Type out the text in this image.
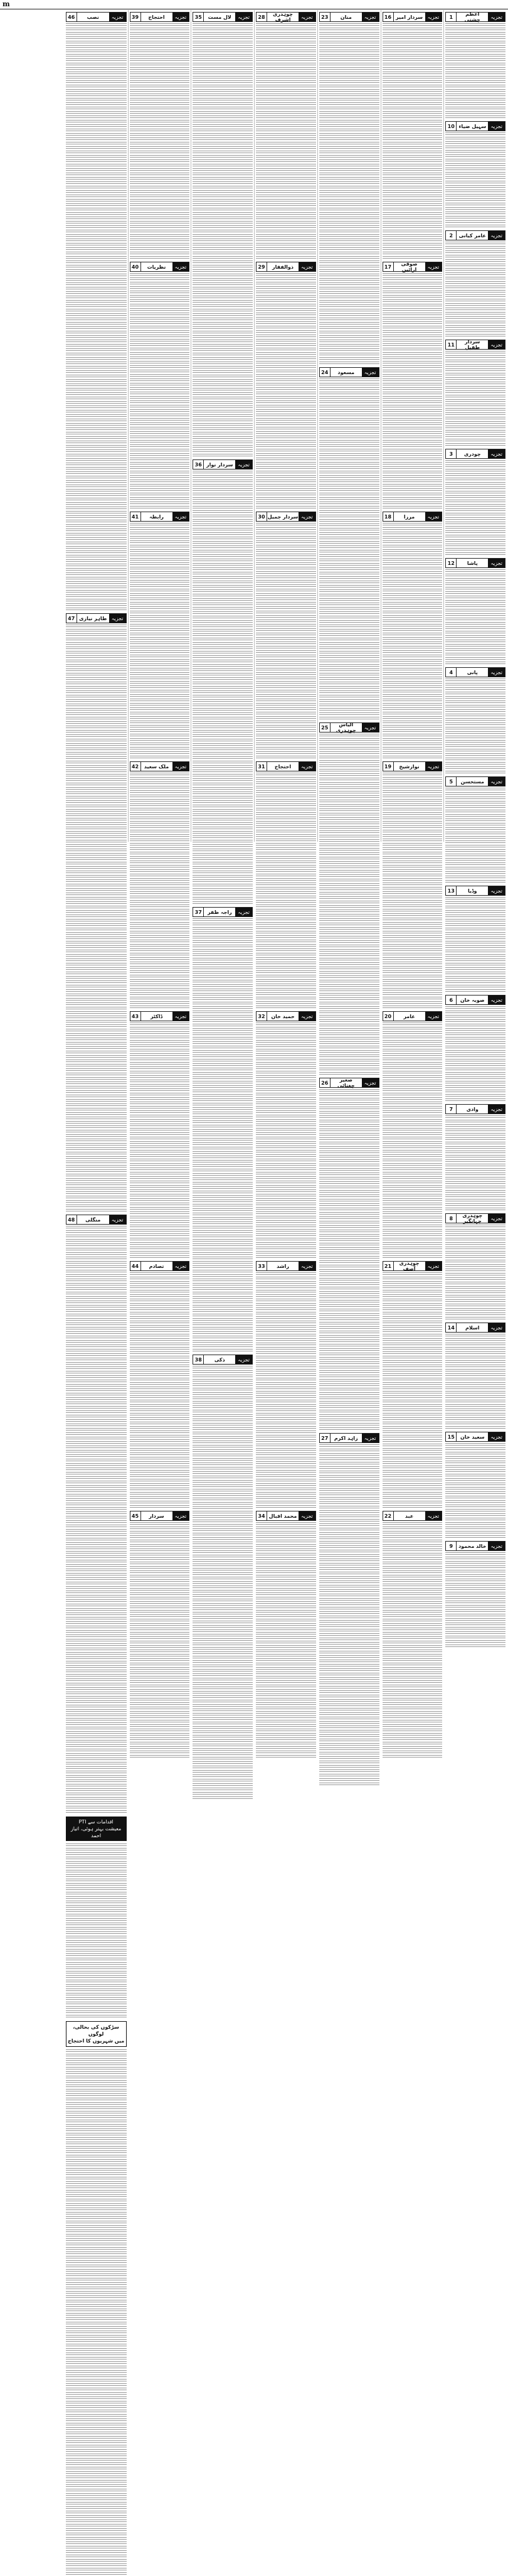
m
تجزیہ
اعظم چشتی
1
تجزیہ
سہیل ضیاء
10
تجزیہ
عامر کیانی
2
تجزیہ
سردار طفیل
11
تجزیہ
چودری
3
تجزیہ
پاشا
12
تجزیہ
پانی
4
تجزیہ
مستحسن
5
تجزیہ
وڈیا
13
تجزیہ
صوبہ خان
6
تجزیہ
وادی
7
تجزیہ
چوہدری جہانگیر
8
تجزیہ
اسلام
14
تجزیہ
سعید خان
15
تجزیہ
خالد محمود
9
تجزیہ
سردار امیر
16
تجزیہ
صوفی ارائیں
17
تجزیہ
مرزا
18
تجزیہ
نوازشیخ
19
تجزیہ
عامر
20
تجزیہ
چوہدری آصف
21
تجزیہ
عبد
22
تجزیہ
منان
23
تجزیہ
مسعود
24
تجزیہ
الیاس چوہدری
25
تجزیہ
صغیر چغتائی
26
تجزیہ
زاہد اکرم
27
تجزیہ
چوہدری اشرف
28
تجزیہ
ذوالفقار
29
تجزیہ
سردار جمیل
30
تجزیہ
احتجاج
31
تجزیہ
حمید خان
32
تجزیہ
راشد
33
تجزیہ
محمد اقبال
34
تجزیہ
لال مست
35
تجزیہ
سردار نواز
36
تجزیہ
راجہ ظفر
37
تجزیہ
ذکی
38
تجزیہ
احتجاج
39
تجزیہ
نظریات
40
تجزیہ
رابطہ
41
تجزیہ
ملک سعید
42
تجزیہ
ڈاکٹر
43
تجزیہ
تصادم
44
تجزیہ
سردار
45
تجزیہ
نصب
46
تجزیہ
طاہر نیازی
47
تجزیہ
منگلی
48
PTI اقدامات سے
معیشت بہتر ہوئی، اتیاز احمد
سڑکوں کی بحالی، لوگوں
میں شہریوں کا احتجاج
